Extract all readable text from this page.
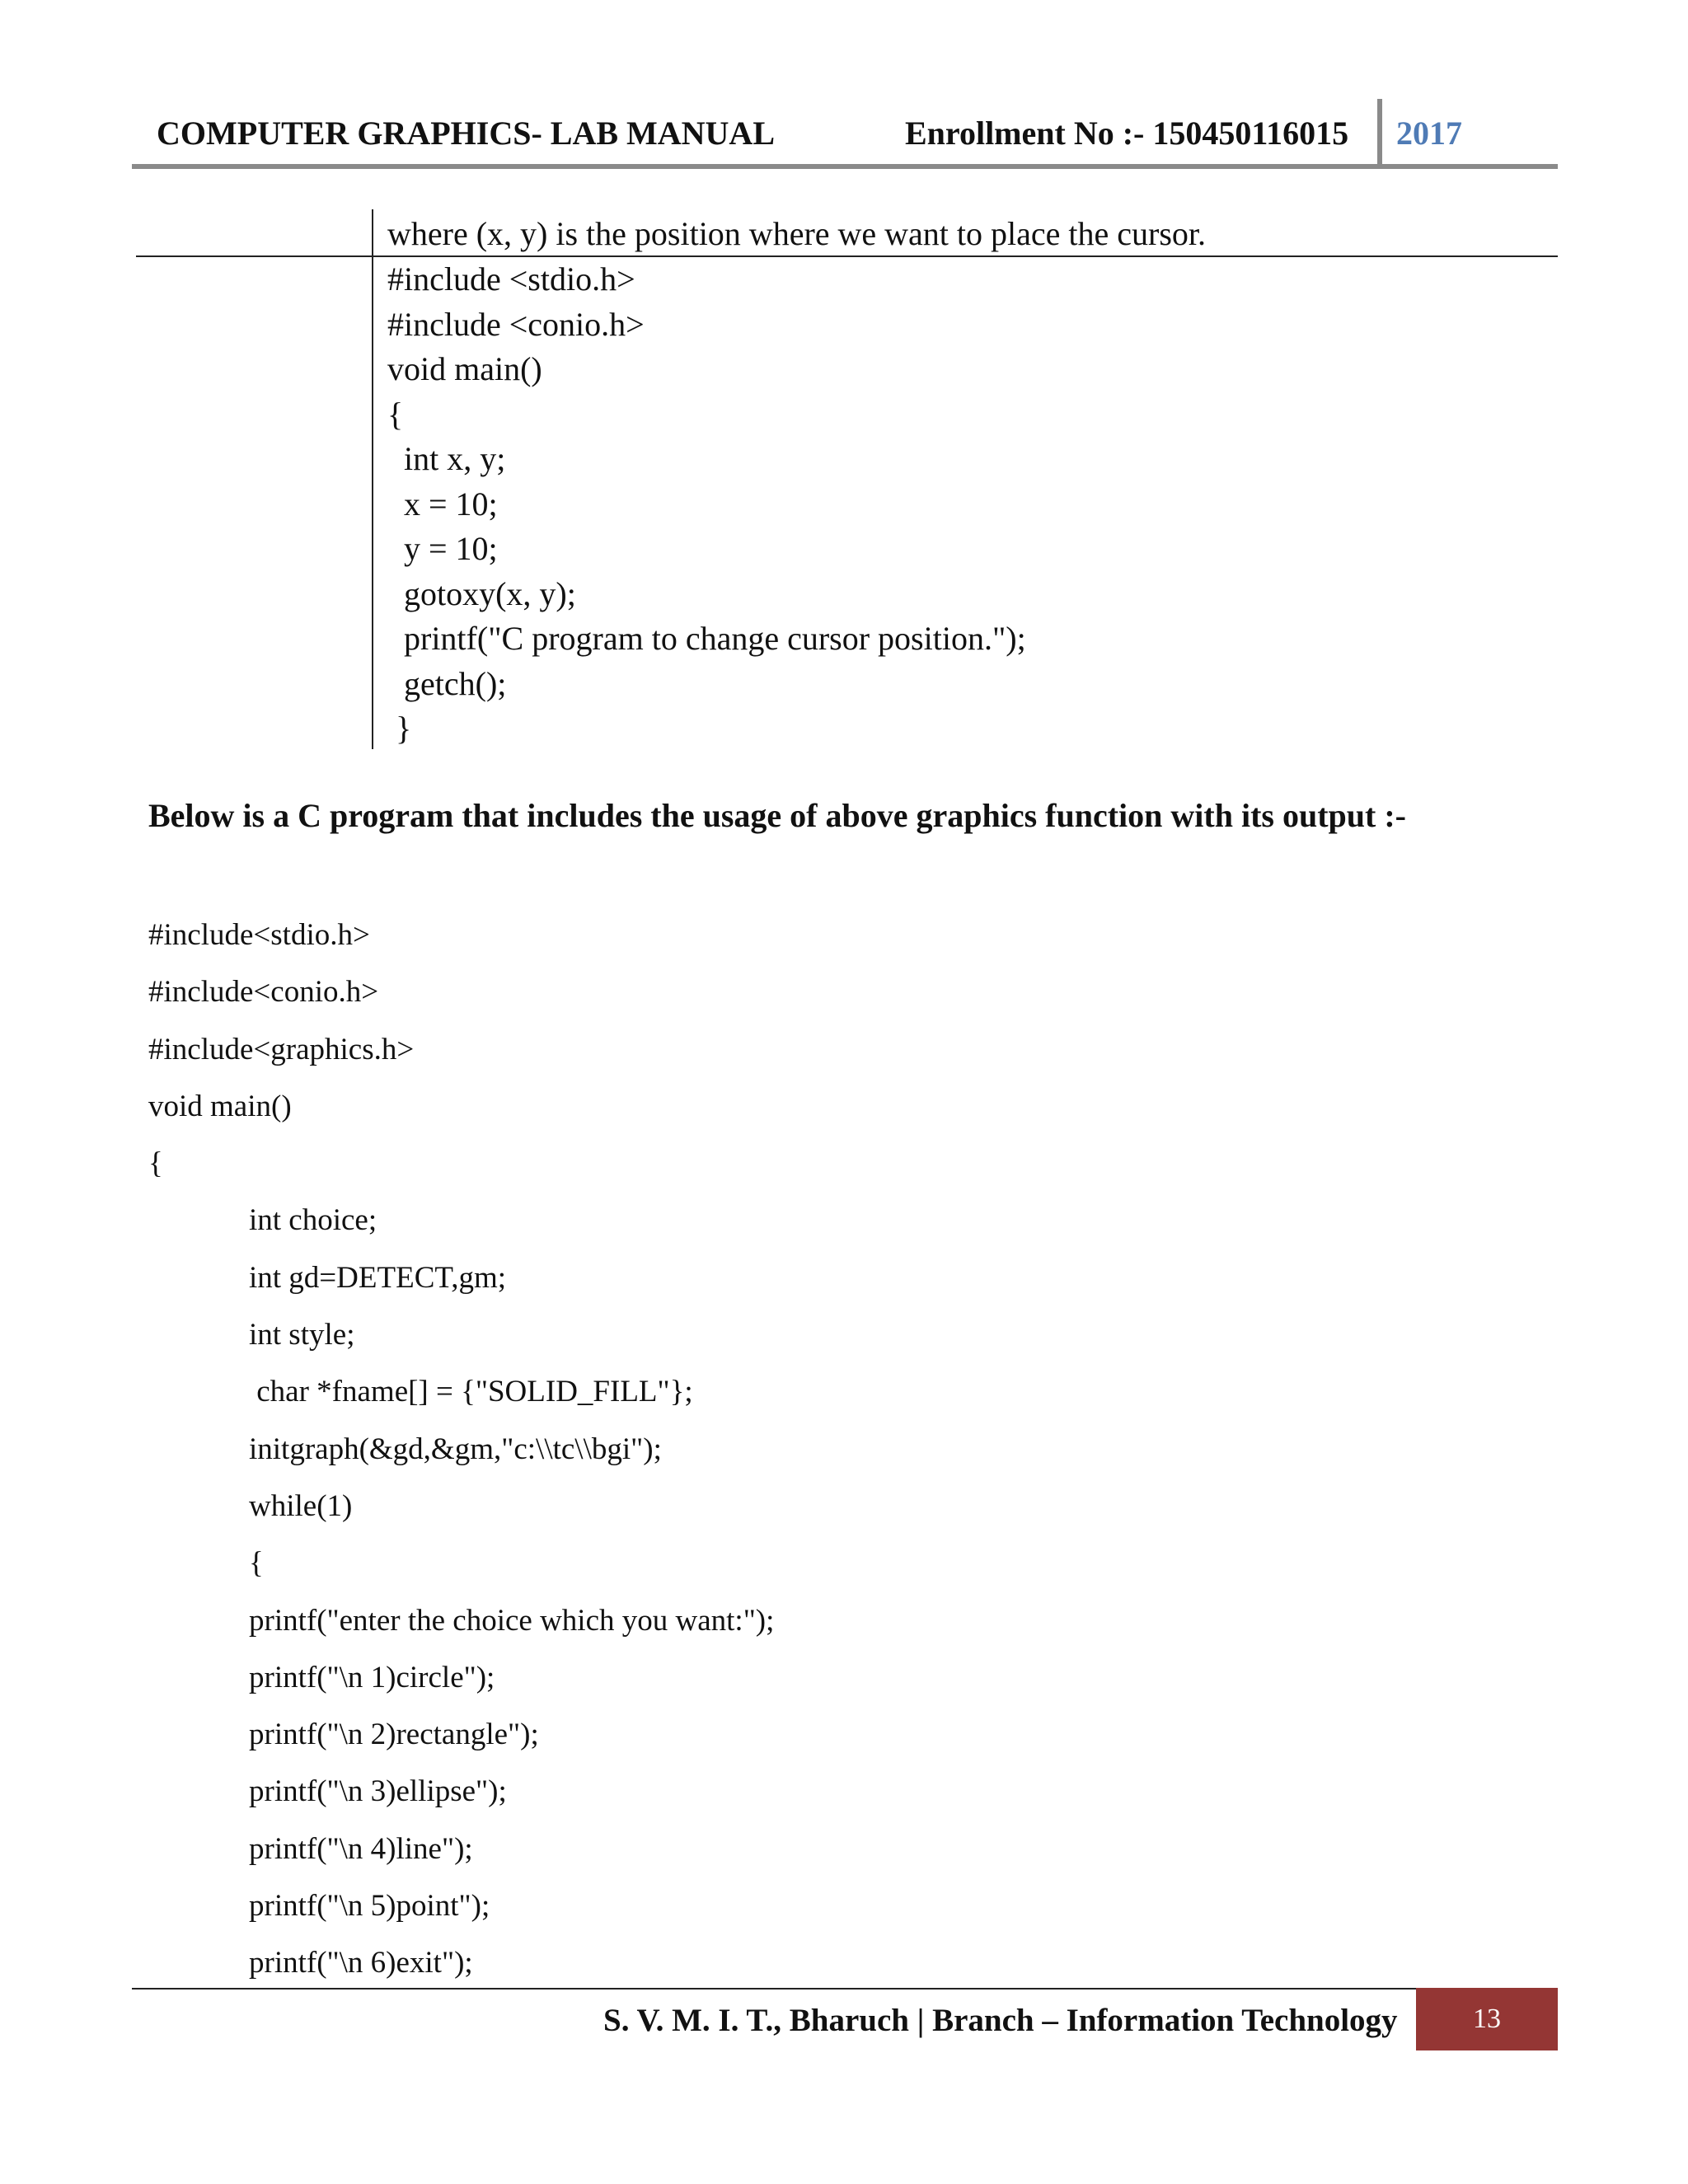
COMPUTER GRAPHICS- LAB MANUAL	Enrollment No :- 150450116015 2017
where (x, y) is the position where we want to place the cursor.
#include <stdio.h>
#include <conio.h>
void main()
{
int x, y;
x = 10;
y = 10;
gotoxy(x, y);
printf("C program to change cursor position.");
getch();
}
Below is a C program that includes the usage of above graphics function with its output :-
#include<stdio.h>
#include<conio.h>
#include<graphics.h>
void main()
{
int choice;
int gd=DETECT,gm;
int style;
char *fname[] = {"SOLID_FILL"};
initgraph(&gd,&gm,"c:\\tc\\bgi");
while(1)
{
printf("enter the choice which you want:");
printf("\n 1)circle");
printf("\n 2)rectangle");
printf("\n 3)ellipse");
printf("\n 4)line");
printf("\n 5)point");
printf("\n 6)exit");
S. V. M. I. T., Bharuch | Branch – Information Technology	13
